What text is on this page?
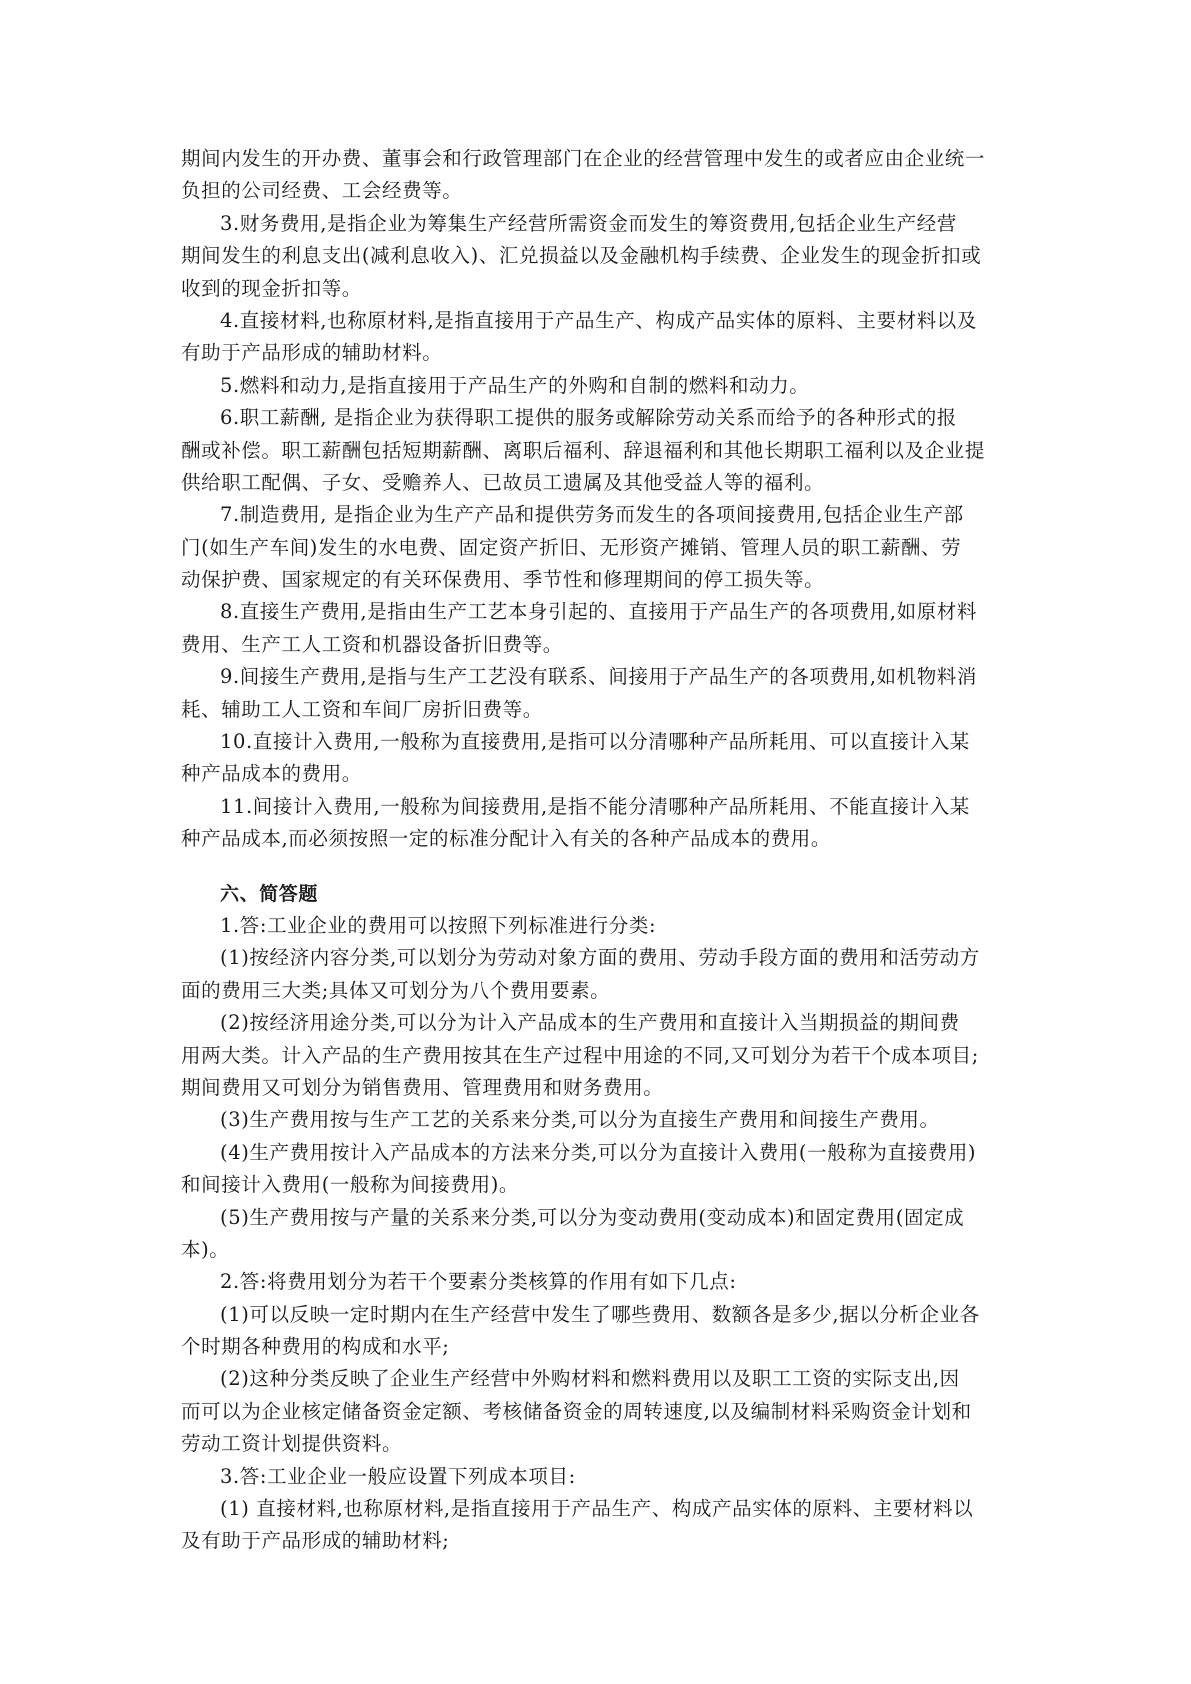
期间内发生的开办费、董事会和行政管理部门在企业的经营管理中发生的或者应由企业统一
负担的公司经费、工会经费等。
3.财务费用,是指企业为筹集生产经营所需资金而发生的筹资费用,包括企业生产经营
期间发生的利息支出(减利息收入)、汇兑损益以及金融机构手续费、企业发生的现金折扣或
收到的现金折扣等。
4.直接材料,也称原材料,是指直接用于产品生产、构成产品实体的原料、主要材料以及
有助于产品形成的辅助材料。
5.燃料和动力,是指直接用于产品生产的外购和自制的燃料和动力。
6.职工薪酬, 是指企业为获得职工提供的服务或解除劳动关系而给予的各种形式的报
酬或补偿。职工薪酬包括短期薪酬、离职后福利、辞退福利和其他长期职工福利以及企业提
供给职工配偶、子女、受赡养人、已故员工遗属及其他受益人等的福利。
7.制造费用, 是指企业为生产产品和提供劳务而发生的各项间接费用,包括企业生产部
门(如生产车间)发生的水电费、固定资产折旧、无形资产摊销、管理人员的职工薪酬、劳
动保护费、国家规定的有关环保费用、季节性和修理期间的停工损失等。
8.直接生产费用,是指由生产工艺本身引起的、直接用于产品生产的各项费用,如原材料
费用、生产工人工资和机器设备折旧费等。
9.间接生产费用,是指与生产工艺没有联系、间接用于产品生产的各项费用,如机物料消
耗、辅助工人工资和车间厂房折旧费等。
10.直接计入费用,一般称为直接费用,是指可以分清哪种产品所耗用、可以直接计入某
种产品成本的费用。
11.间接计入费用,一般称为间接费用,是指不能分清哪种产品所耗用、不能直接计入某
种产品成本,而必须按照一定的标准分配计入有关的各种产品成本的费用。
六、简答题
1.答:工业企业的费用可以按照下列标准进行分类:
(1)按经济内容分类,可以划分为劳动对象方面的费用、劳动手段方面的费用和活劳动方
面的费用三大类;具体又可划分为八个费用要素。
(2)按经济用途分类,可以分为计入产品成本的生产费用和直接计入当期损益的期间费
用两大类。计入产品的生产费用按其在生产过程中用途的不同,又可划分为若干个成本项目;
期间费用又可划分为销售费用、管理费用和财务费用。
(3)生产费用按与生产工艺的关系来分类,可以分为直接生产费用和间接生产费用。
(4)生产费用按计入产品成本的方法来分类,可以分为直接计入费用(一般称为直接费用)
和间接计入费用(一般称为间接费用)。
(5)生产费用按与产量的关系来分类,可以分为变动费用(变动成本)和固定费用(固定成
本)。
2.答:将费用划分为若干个要素分类核算的作用有如下几点:
(1)可以反映一定时期内在生产经营中发生了哪些费用、数额各是多少,据以分析企业各
个时期各种费用的构成和水平;
(2)这种分类反映了企业生产经营中外购材料和燃料费用以及职工工资的实际支出,因
而可以为企业核定储备资金定额、考核储备资金的周转速度,以及编制材料采购资金计划和
劳动工资计划提供资料。
3.答:工业企业一般应设置下列成本项目:
(1) 直接材料,也称原材料,是指直接用于产品生产、构成产品实体的原料、主要材料以
及有助于产品形成的辅助材料;
